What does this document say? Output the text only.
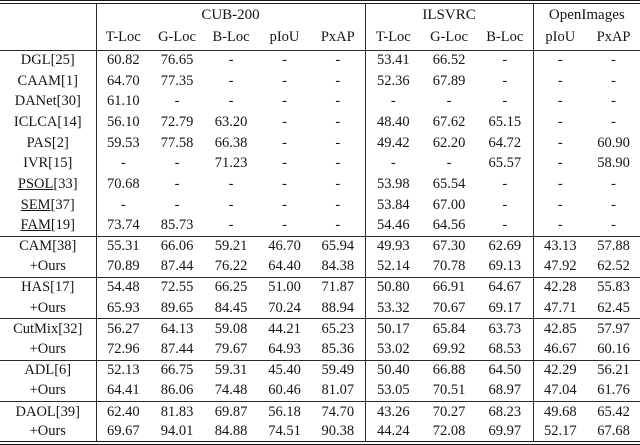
	CUB-200					ILSVRC			OpenImages	
	T-Loc	G-Loc	B-Loc	pIoU	PxAP	T-Loc	G-Loc	B-Loc	pIoU	PxAP
DGL[25]	60.82	76.65	-	-	-	53.41	66.52	-	-	-
CAAM[1]	64.70	77.35	-	-	-	52.36	67.89	-	-	-
DANet[30]	61.10	-	-	-	-	-	-	-	-	-
ICLCA[14]	56.10	72.79	63.20	-	-	48.40	67.62	65.15	-	-
PAS[2]	59.53	77.58	66.38	-	-	49.42	62.20	64.72	-	60.90
IVR[15]	-	-	71.23	-	-	-	-	65.57	-	58.90
PSOL[33]	70.68	-	-	-	-	53.98	65.54	-	-	-
SEM[37]	-	-	-	-	-	53.84	67.00	-	-	-
FAM[19]	73.74	85.73	-	-	-	54.46	64.56	-	-	-
CAM[38]	55.31	66.06	59.21	46.70	65.94	49.93	67.30	62.69	43.13	57.88
+Ours	70.89	87.44	76.22	64.40	84.38	52.14	70.78	69.13	47.92	62.52
HAS[17]	54.48	72.55	66.25	51.00	71.87	50.80	66.91	64.67	42.28	55.83
+Ours	65.93	89.65	84.45	70.24	88.94	53.32	70.67	69.17	47.71	62.45
CutMix[32]	56.27	64.13	59.08	44.21	65.23	50.17	65.84	63.73	42.85	57.97
+Ours	72.96	87.44	79.67	64.93	85.36	53.02	69.92	68.53	46.67	60.16
ADL[6]	52.13	66.75	59.31	45.40	59.49	50.40	66.88	64.50	42.29	56.21
+Ours	64.41	86.06	74.48	60.46	81.07	53.05	70.51	68.97	47.04	61.76
DAOL[39]	62.40	81.83	69.87	56.18	74.70	43.26	70.27	68.23	49.68	65.42
+Ours	69.67	94.01	84.88	74.51	90.38	44.24	72.08	69.97	52.17	67.68
